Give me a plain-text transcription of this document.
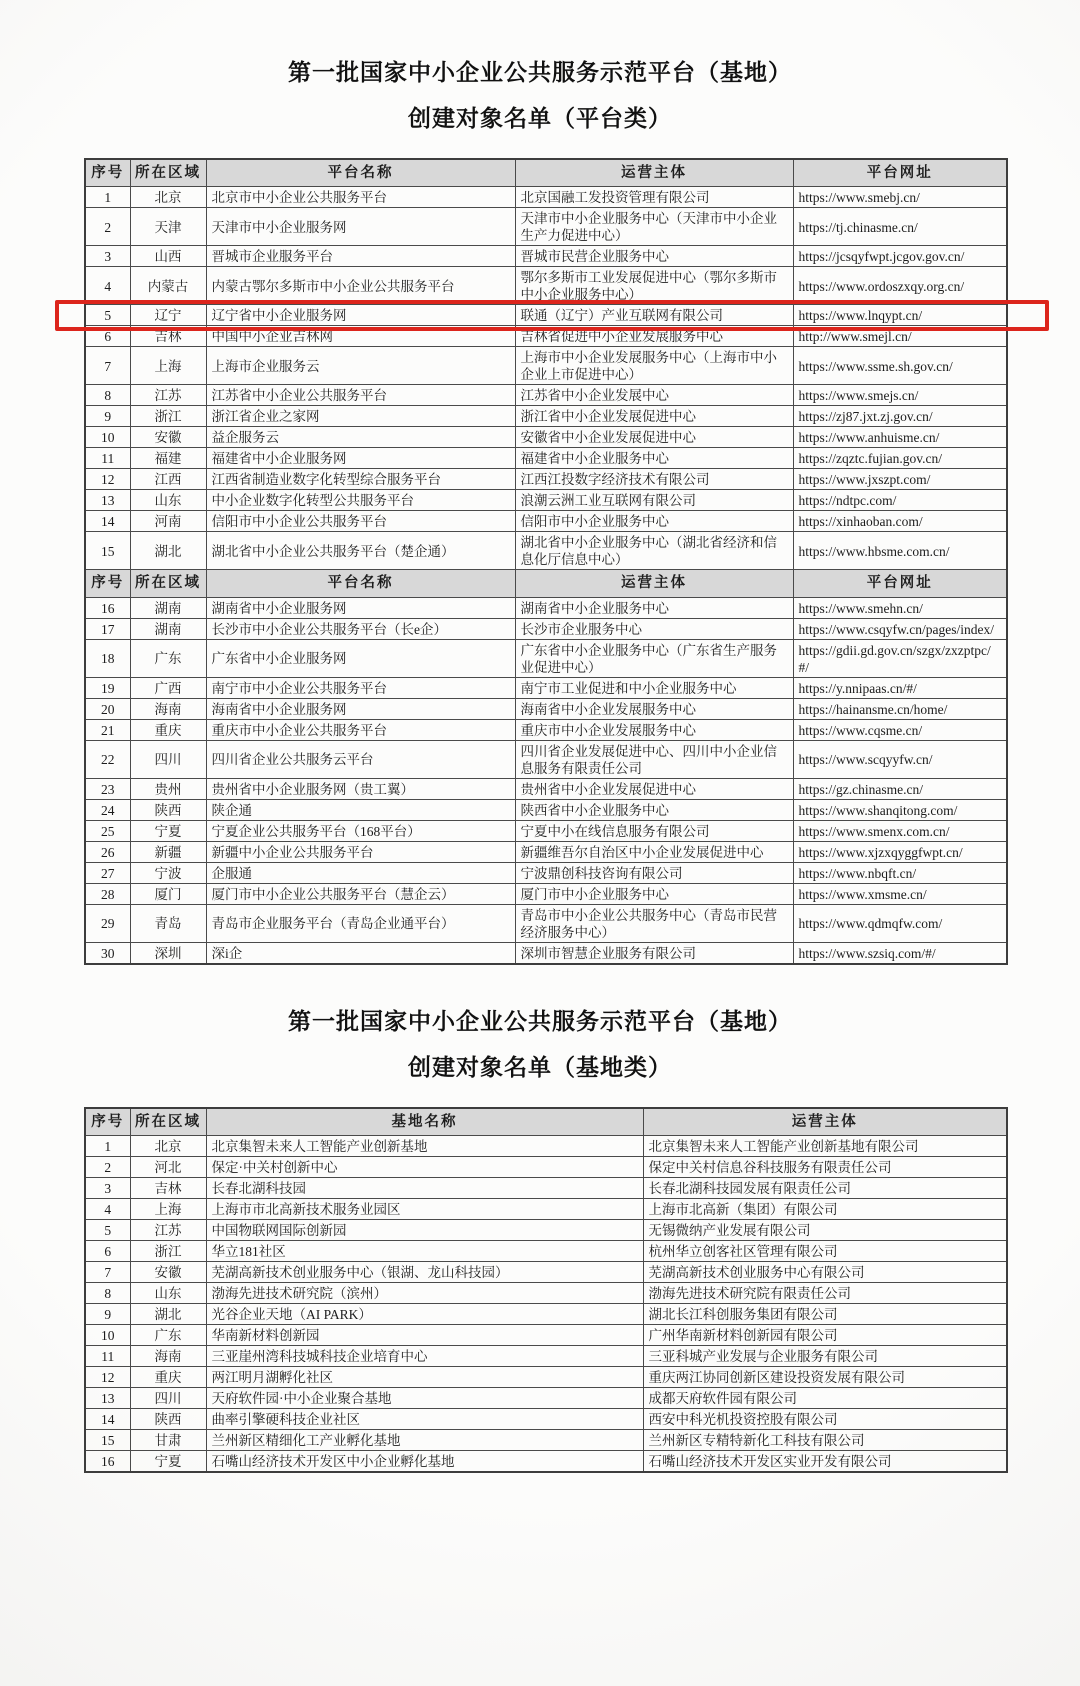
第一批国家中小企业公共服务示范平台（基地）
创建对象名单（平台类）
序号	所在区域	平台名称	运营主体	平台网址
1	北京	北京市中小企业公共服务平台	北京国融工发投资管理有限公司	https://www.smebj.cn/
2	天津	天津市中小企业服务网	天津市中小企业服务中心（天津市中小企业生产力促进中心）	https://tj.chinasme.cn/
3	山西	晋城市企业服务平台	晋城市民营企业服务中心	https://jcsqyfwpt.jcgov.gov.cn/
4	内蒙古	内蒙古鄂尔多斯市中小企业公共服务平台	鄂尔多斯市工业发展促进中心（鄂尔多斯市中小企业服务中心）	https://www.ordoszxqy.org.cn/
5	辽宁	辽宁省中小企业服务网	联通（辽宁）产业互联网有限公司	https://www.lnqypt.cn/
6	吉林	中国中小企业吉林网	吉林省促进中小企业发展服务中心	http://www.smejl.cn/
7	上海	上海市企业服务云	上海市中小企业发展服务中心（上海市中小企业上市促进中心）	https://www.ssme.sh.gov.cn/
8	江苏	江苏省中小企业公共服务平台	江苏省中小企业发展中心	https://www.smejs.cn/
9	浙江	浙江省企业之家网	浙江省中小企业发展促进中心	https://zj87.jxt.zj.gov.cn/
10	安徽	益企服务云	安徽省中小企业发展促进中心	https://www.anhuisme.cn/
11	福建	福建省中小企业服务网	福建省中小企业服务中心	https://zqztc.fujian.gov.cn/
12	江西	江西省制造业数字化转型综合服务平台	江西江投数字经济技术有限公司	https://www.jxszpt.com/
13	山东	中小企业数字化转型公共服务平台	浪潮云洲工业互联网有限公司	https://ndtpc.com/
14	河南	信阳市中小企业公共服务平台	信阳市中小企业服务中心	https://xinhaoban.com/
15	湖北	湖北省中小企业公共服务平台（楚企通）	湖北省中小企业服务中心（湖北省经济和信息化厅信息中心）	https://www.hbsme.com.cn/
序号	所在区域	平台名称	运营主体	平台网址
16	湖南	湖南省中小企业服务网	湖南省中小企业服务中心	https://www.smehn.cn/
17	湖南	长沙市中小企业公共服务平台（长e企）	长沙市企业服务中心	https://www.csqyfw.cn/pages/index/
18	广东	广东省中小企业服务网	广东省中小企业服务中心（广东省生产服务业促进中心）	https://gdii.gd.gov.cn/szgx/zxzptpc/#/
19	广西	南宁市中小企业公共服务平台	南宁市工业促进和中小企业服务中心	https://y.nnipaas.cn/#/
20	海南	海南省中小企业服务网	海南省中小企业发展服务中心	https://hainansme.cn/home/
21	重庆	重庆市中小企业公共服务平台	重庆市中小企业发展服务中心	https://www.cqsme.cn/
22	四川	四川省企业公共服务云平台	四川省企业发展促进中心、四川中小企业信息服务有限责任公司	https://www.scqyyfw.cn/
23	贵州	贵州省中小企业服务网（贵工翼）	贵州省中小企业发展促进中心	https://gz.chinasme.cn/
24	陕西	陕企通	陕西省中小企业服务中心	https://www.shanqitong.com/
25	宁夏	宁夏企业公共服务平台（168平台）	宁夏中小在线信息服务有限公司	https://www.smenx.com.cn/
26	新疆	新疆中小企业公共服务平台	新疆维吾尔自治区中小企业发展促进中心	https://www.xjzxqyggfwpt.cn/
27	宁波	企服通	宁波鼎创科技咨询有限公司	https://www.nbqft.cn/
28	厦门	厦门市中小企业公共服务平台（慧企云）	厦门市中小企业服务中心	https://www.xmsme.cn/
29	青岛	青岛市企业服务平台（青岛企业通平台）	青岛市中小企业公共服务中心（青岛市民营经济服务中心）	https://www.qdmqfw.com/
30	深圳	深i企	深圳市智慧企业服务有限公司	https://www.szsiq.com/#/
第一批国家中小企业公共服务示范平台（基地）
创建对象名单（基地类）
序号	所在区域	基地名称	运营主体
1	北京	北京集智未来人工智能产业创新基地	北京集智未来人工智能产业创新基地有限公司
2	河北	保定·中关村创新中心	保定中关村信息谷科技服务有限责任公司
3	吉林	长春北湖科技园	长春北湖科技园发展有限责任公司
4	上海	上海市市北高新技术服务业园区	上海市北高新（集团）有限公司
5	江苏	中国物联网国际创新园	无锡微纳产业发展有限公司
6	浙江	华立181社区	杭州华立创客社区管理有限公司
7	安徽	芜湖高新技术创业服务中心（银湖、龙山科技园）	芜湖高新技术创业服务中心有限公司
8	山东	渤海先进技术研究院（滨州）	渤海先进技术研究院有限责任公司
9	湖北	光谷企业天地（AI PARK）	湖北长江科创服务集团有限公司
10	广东	华南新材料创新园	广州华南新材料创新园有限公司
11	海南	三亚崖州湾科技城科技企业培育中心	三亚科城产业发展与企业服务有限公司
12	重庆	两江明月湖孵化社区	重庆两江协同创新区建设投资发展有限公司
13	四川	天府软件园·中小企业聚合基地	成都天府软件园有限公司
14	陕西	曲率引擎硬科技企业社区	西安中科光机投资控股有限公司
15	甘肃	兰州新区精细化工产业孵化基地	兰州新区专精特新化工科技有限公司
16	宁夏	石嘴山经济技术开发区中小企业孵化基地	石嘴山经济技术开发区实业开发有限公司
